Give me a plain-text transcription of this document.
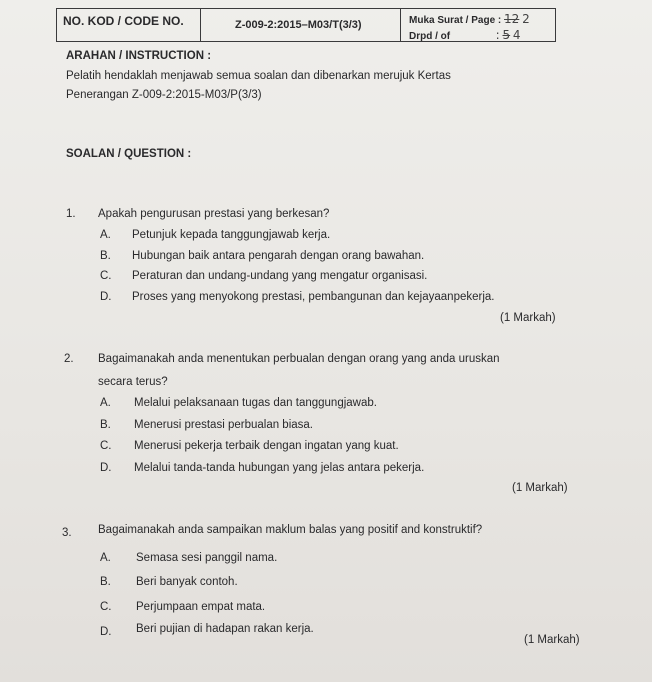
NO. KOD / CODE NO.	Z-009-2:2015–M03/T(3/3)	Muka Surat / Page : 12 2
Drpd / of	: 5 4
ARAHAN / INSTRUCTION :
Pelatih hendaklah menjawab semua soalan dan dibenarkan merujuk Kertas
Penerangan Z-009-2:2015-M03/P(3/3)
SOALAN / QUESTION :
1. Apakah pengurusan prestasi yang berkesan?
A. Petunjuk kepada tanggungjawab kerja.
B. Hubungan baik antara pengarah dengan orang bawahan.
C. Peraturan dan undang-undang yang mengatur organisasi.
D. Proses yang menyokong prestasi, pembangunan dan kejayaanpekerja.
(1 Markah)
2. Bagaimanakah anda menentukan perbualan dengan orang yang anda uruskan
secara terus?
A. Melalui pelaksanaan tugas dan tanggungjawab.
B. Menerusi prestasi perbualan biasa.
C. Menerusi pekerja terbaik dengan ingatan yang kuat.
D. Melalui tanda-tanda hubungan yang jelas antara pekerja.
(1 Markah)
3. Bagaimanakah anda sampaikan maklum balas yang positif and konstruktif?
A. Semasa sesi panggil nama.
B. Beri banyak contoh.
C. Perjumpaan empat mata.
D. Beri pujian di hadapan rakan kerja.
(1 Markah)
